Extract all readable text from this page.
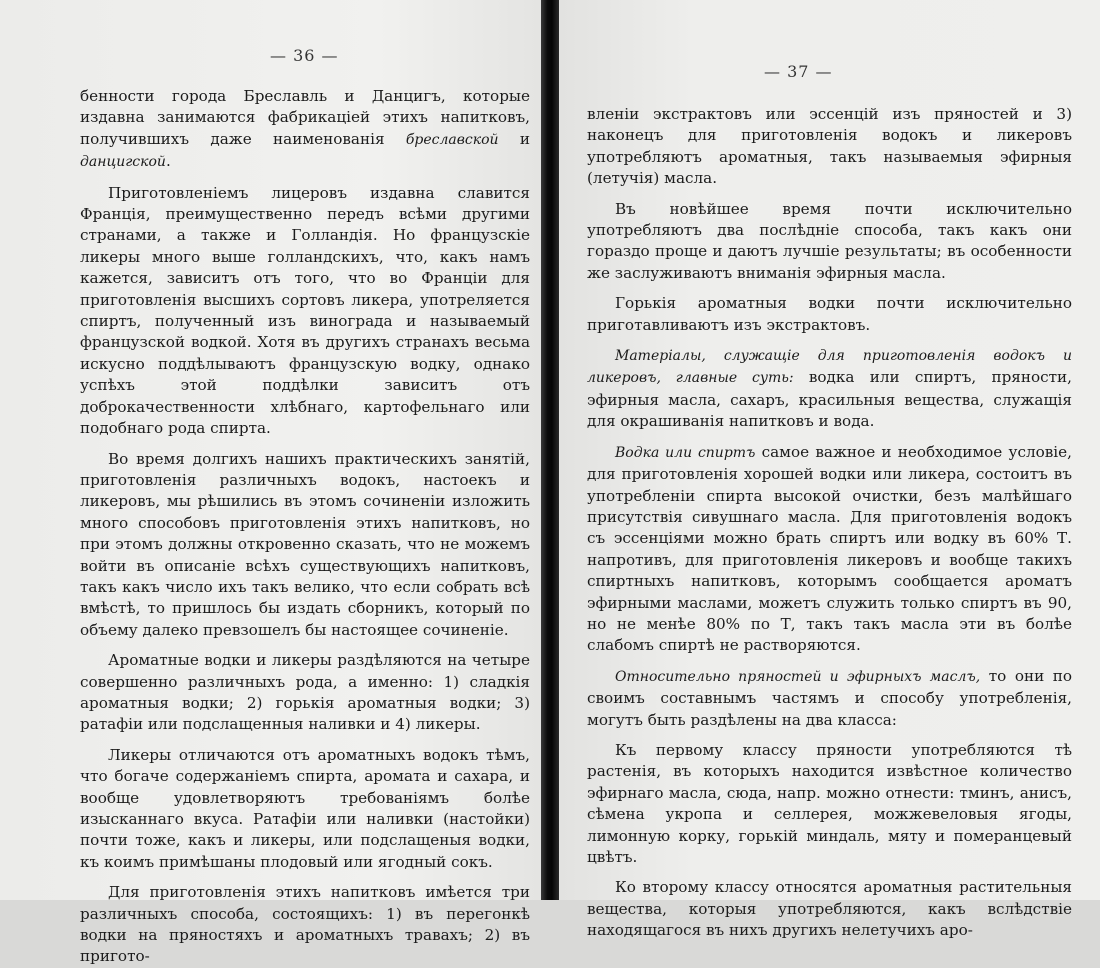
— 36 —

бенности города Бреславль и Данцигъ, которые издавна занимаются фабрикаціей этихъ напитковъ, получившихъ даже наименованія бреславской и данцигской.

Приготовленіемъ лицеровъ издавна славится Франція, преимущественно передъ всѣми другими странами, а также и Голландія. Но французскіе ликеры много выше голландскихъ, что, какъ намъ кажется, зависитъ отъ того, что во Франціи для приготовленія высшихъ сортовъ ликера, употреляется спиртъ, полученный изъ винограда и называемый французской водкой. Хотя въ другихъ странахъ весьма искусно поддѣлываютъ французскую водку, однако успѣхъ этой поддѣлки зависитъ отъ доброкачественности хлѣбнаго, картофельнаго или подобнаго рода спирта.

Во время долгихъ нашихъ практическихъ занятій, приготовленія различныхъ водокъ, настоекъ и ликеровъ, мы рѣшились въ этомъ сочиненіи изложить много способовъ приготовленія этихъ напитковъ, но при этомъ должны откровенно сказать, что не можемъ войти въ описаніе всѣхъ существующихъ напитковъ, такъ какъ число ихъ такъ велико, что если собрать всѣ вмѣстѣ, то пришлось бы издать сборникъ, который по объему далеко превзошелъ бы настоящее сочиненіе.

Ароматные водки и ликеры раздѣляются на четыре совершенно различныхъ рода, а именно: 1) сладкія ароматныя водки; 2) горькія ароматныя водки; 3) ратафіи или подслащенныя наливки и 4) ликеры.

Ликеры отличаются отъ ароматныхъ водокъ тѣмъ, что богаче содержаніемъ спирта, аромата и сахара, и вообще удовлетворяютъ требованіямъ болѣе изысканнаго вкуса. Ратафіи или наливки (настойки) почти тоже, какъ и ликеры, или подслащеныя водки, къ коимъ примѣшаны плодовый или ягодный сокъ.

Для приготовленія этихъ напитковъ имѣется три различныхъ способа, состоящихъ: 1) въ перегонкѣ водки на пряностяхъ и ароматныхъ травахъ; 2) въ пригото-

— 37 —

вленіи экстрактовъ или эссенцій изъ пряностей и 3) наконецъ для приготовленія водокъ и ликеровъ употребляютъ ароматныя, такъ называемыя эфирныя (летучія) масла.

Въ новѣйшее время почти исключительно употребляютъ два послѣдніе способа, такъ какъ они гораздо проще и даютъ лучшіе результаты; въ особенности же заслуживаютъ вниманія эфирныя масла.

Горькія ароматныя водки почти исключительно приготавливаютъ изъ экстрактовъ.

Матеріалы, служащіе для приготовленія водокъ и ликеровъ, главные суть: водка или спиртъ, пряности, эфирныя масла, сахаръ, красильныя вещества, служащія для окрашиванія напитковъ и вода.

Водка или спиртъ самое важное и необходимое условіе, для приготовленія хорошей водки или ликера, состоитъ въ употребленіи спирта высокой очистки, безъ малѣйшаго присутствія сивушнаго масла. Для приготовленія водокъ съ эссенціями можно брать спиртъ или водку въ 60% Т. напротивъ, для приготовленія ликеровъ и вообще такихъ спиртныхъ напитковъ, которымъ сообщается ароматъ эфирными маслами, можетъ служить только спиртъ въ 90, но не менѣе 80% по Т, такъ такъ масла эти въ болѣе слабомъ спиртѣ не растворяются.

Относительно пряностей и эфирныхъ маслъ, то они по своимъ составнымъ частямъ и способу употребленія, могутъ быть раздѣлены на два класса:

Къ первому классу пряности употребляются тѣ растенія, въ которыхъ находится извѣстное количество эфирнаго масла, сюда, напр. можно отнести: тминъ, анисъ, сѣмена укропа и селлерея, можжевеловыя ягоды, лимонную корку, горькій миндаль, мяту и померанцевый цвѣтъ.

Ко второму классу относятся ароматныя растительныя вещества, которыя употребляются, какъ вслѣдствіе находящагося въ нихъ другихъ нелетучихъ аро-
